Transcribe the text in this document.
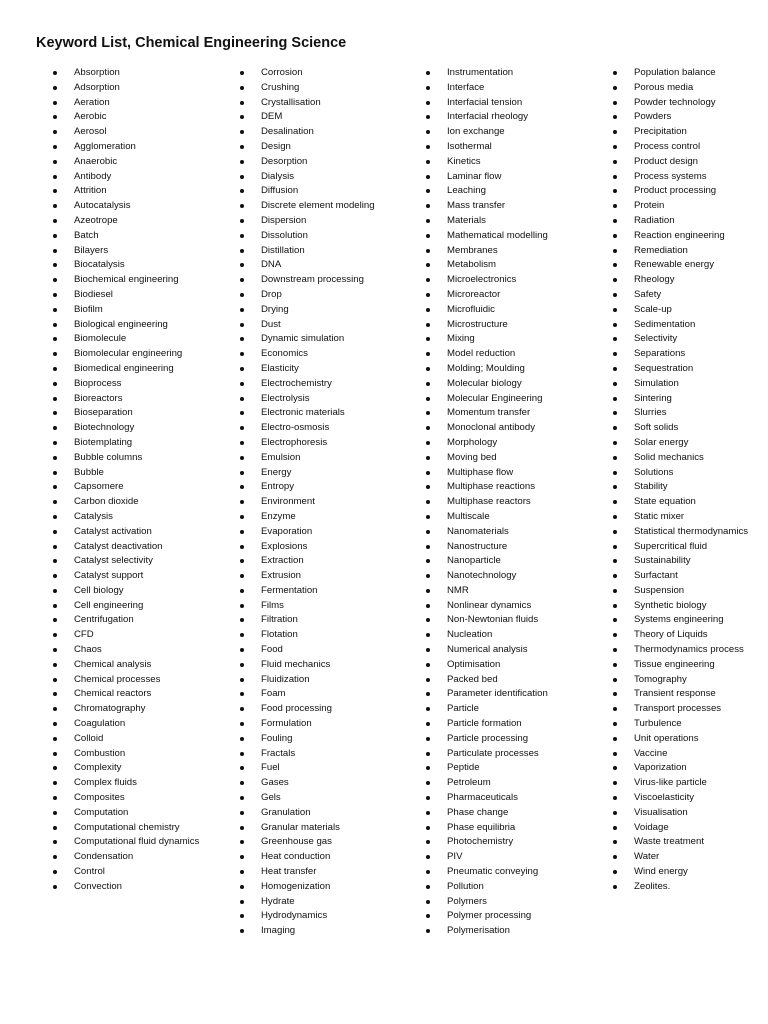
Keyword List, Chemical Engineering Science
Absorption
Adsorption
Aeration
Aerobic
Aerosol
Agglomeration
Anaerobic
Antibody
Attrition
Autocatalysis
Azeotrope
Batch
Bilayers
Biocatalysis
Biochemical engineering
Biodiesel
Biofilm
Biological engineering
Biomolecule
Biomolecular engineering
Biomedical engineering
Bioprocess
Bioreactors
Bioseparation
Biotechnology
Biotemplating
Bubble columns
Bubble
Capsomere
Carbon dioxide
Catalysis
Catalyst activation
Catalyst deactivation
Catalyst selectivity
Catalyst support
Cell biology
Cell engineering
Centrifugation
CFD
Chaos
Chemical analysis
Chemical processes
Chemical reactors
Chromatography
Coagulation
Colloid
Combustion
Complexity
Complex fluids
Composites
Computation
Computational chemistry
Computational fluid dynamics
Condensation
Control
Convection
Corrosion
Crushing
Crystallisation
DEM
Desalination
Design
Desorption
Dialysis
Diffusion
Discrete element modeling
Dispersion
Dissolution
Distillation
DNA
Downstream processing
Drop
Drying
Dust
Dynamic simulation
Economics
Elasticity
Electrochemistry
Electrolysis
Electronic materials
Electro-osmosis
Electrophoresis
Emulsion
Energy
Entropy
Environment
Enzyme
Evaporation
Explosions
Extraction
Extrusion
Fermentation
Films
Filtration
Flotation
Food
Fluid mechanics
Fluidization
Foam
Food processing
Formulation
Fouling
Fractals
Fuel
Gases
Gels
Granulation
Granular materials
Greenhouse gas
Heat conduction
Heat transfer
Homogenization
Hydrate
Hydrodynamics
Imaging
Instrumentation
Interface
Interfacial tension
Interfacial rheology
Ion exchange
Isothermal
Kinetics
Laminar flow
Leaching
Mass transfer
Materials
Mathematical modelling
Membranes
Metabolism
Microelectronics
Microreactor
Microfluidic
Microstructure
Mixing
Model reduction
Molding; Moulding
Molecular biology
Molecular Engineering
Momentum transfer
Monoclonal antibody
Morphology
Moving bed
Multiphase flow
Multiphase reactions
Multiphase reactors
Multiscale
Nanomaterials
Nanostructure
Nanoparticle
Nanotechnology
NMR
Nonlinear dynamics
Non-Newtonian fluids
Nucleation
Numerical analysis
Optimisation
Packed bed
Parameter identification
Particle
Particle formation
Particle processing
Particulate processes
Peptide
Petroleum
Pharmaceuticals
Phase change
Phase equilibria
Photochemistry
PIV
Pneumatic conveying
Pollution
Polymers
Polymer processing
Polymerisation
Population balance
Porous media
Powder technology
Powders
Precipitation
Process control
Product design
Process systems
Product processing
Protein
Radiation
Reaction engineering
Remediation
Renewable energy
Rheology
Safety
Scale-up
Sedimentation
Selectivity
Separations
Sequestration
Simulation
Sintering
Slurries
Soft solids
Solar energy
Solid mechanics
Solutions
Stability
State equation
Static mixer
Statistical thermodynamics
Supercritical fluid
Sustainability
Surfactant
Suspension
Synthetic biology
Systems engineering
Theory of Liquids
Thermodynamics process
Tissue engineering
Tomography
Transient response
Transport processes
Turbulence
Unit operations
Vaccine
Vaporization
Virus-like particle
Viscoelasticity
Visualisation
Voidage
Waste treatment
Water
Wind energy
Zeolites.
